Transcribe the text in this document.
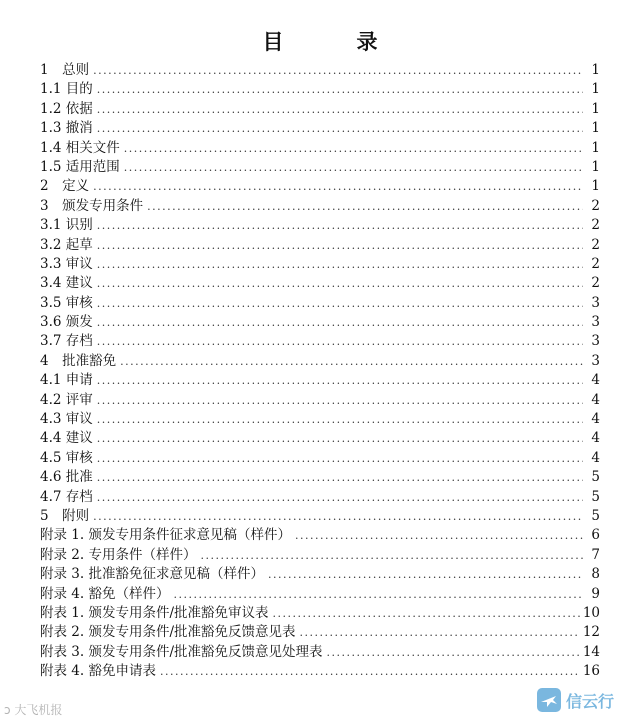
目　录
1　总则 .....	1
1.1 目的 .....	1
1.2 依据 .....	1
1.3 撤消 .....	1
1.4 相关文件 .....	1
1.5 适用范围 .....	1
2　定义 .....	1
3　颁发专用条件 .....	2
3.1 识别 .....	2
3.2 起草 .....	2
3.3 审议 .....	2
3.4 建议 .....	2
3.5 审核 .....	3
3.6 颁发 .....	3
3.7 存档 .....	3
4　批准豁免 .....	3
4.1 申请 .....	4
4.2 评审 .....	4
4.3 审议 .....	4
4.4 建议 .....	4
4.5 审核 .....	4
4.6 批准 .....	5
4.7 存档 .....	5
5　附则 .....	5
附录 1. 颁发专用条件征求意见稿（样件） .....	6
附录 2. 专用条件（样件） .....	7
附录 3. 批准豁免征求意见稿（样件） .....	8
附录 4. 豁免（样件） .....	9
附表 1. 颁发专用条件/批准豁免审议表 .....	10
附表 2. 颁发专用条件/批准豁免反馈意见表 .....	12
附表 3. 颁发专用条件/批准豁免反馈意见处理表 .....	14
附表 4. 豁免申请表 .....	16
ↄ 大飞机报	信云行
